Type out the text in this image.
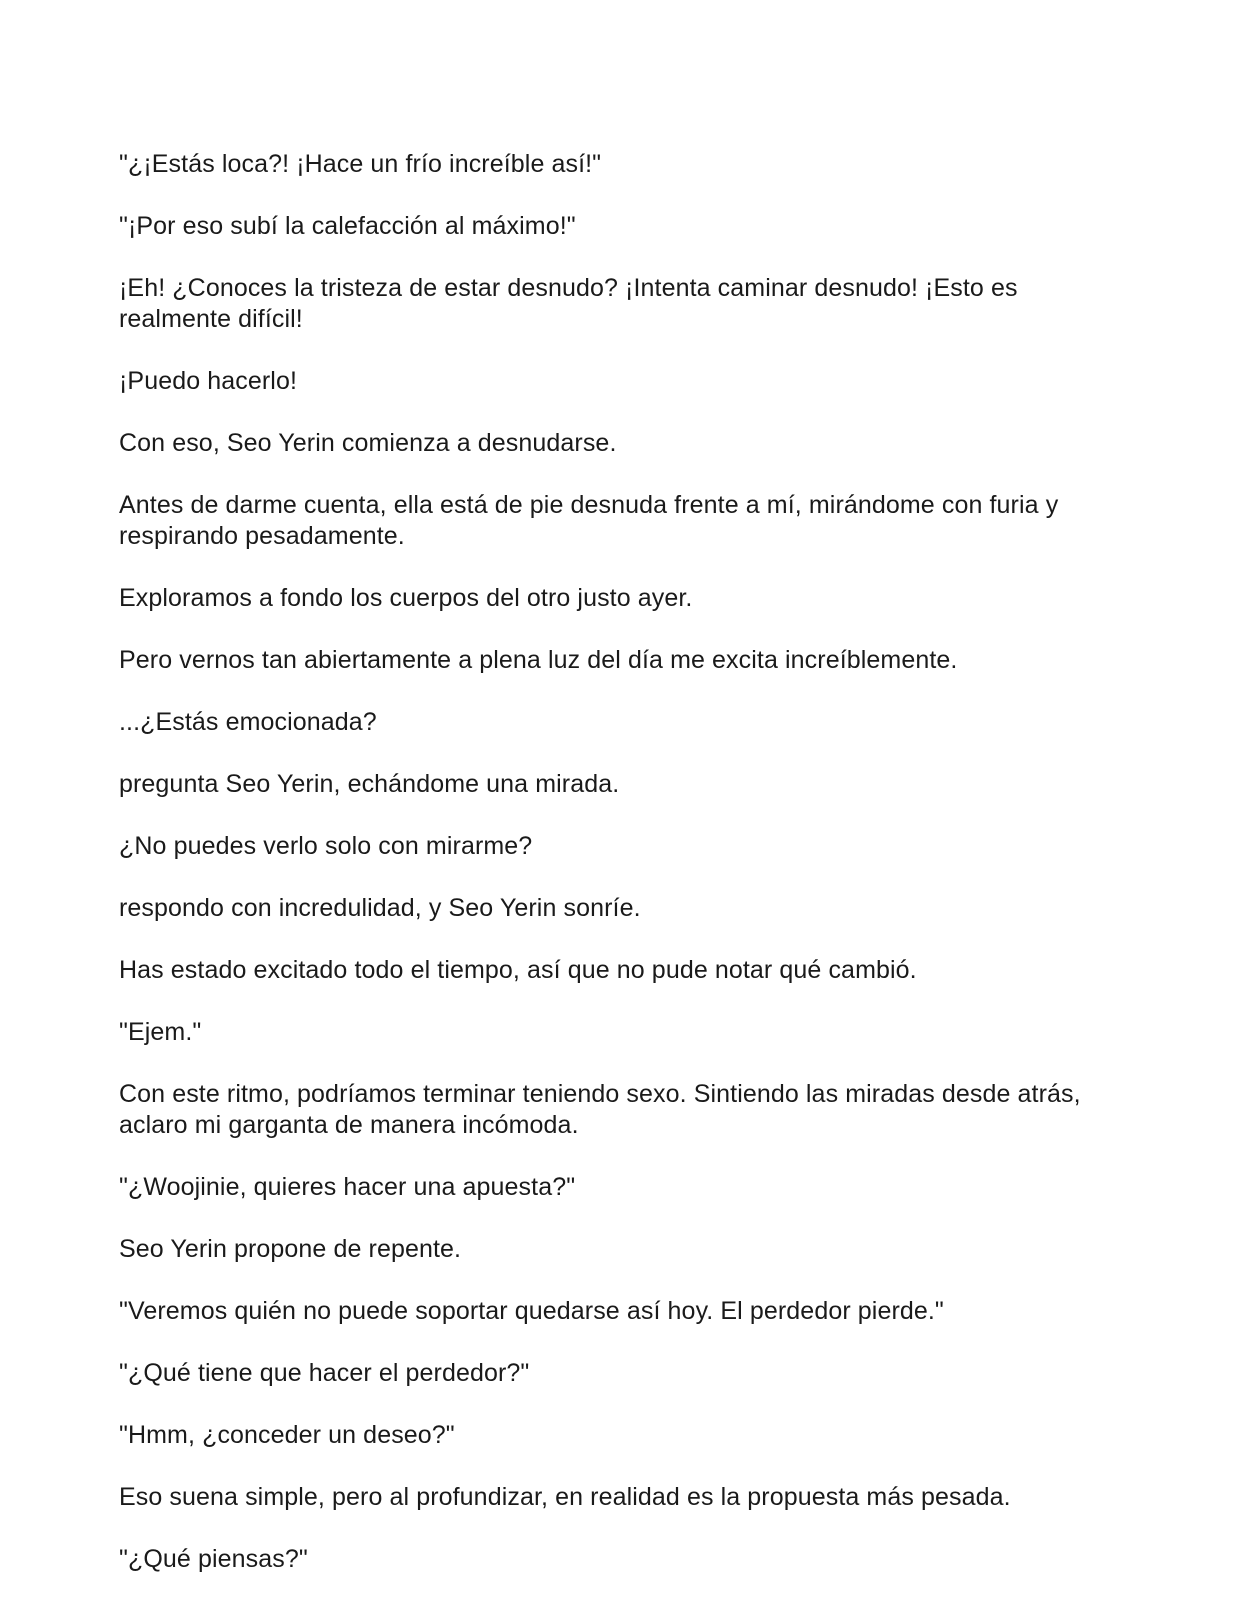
"¿¡Estás loca?! ¡Hace un frío increíble así!"

"¡Por eso subí la calefacción al máximo!"

¡Eh! ¿Conoces la tristeza de estar desnudo? ¡Intenta caminar desnudo! ¡Esto es realmente difícil!

¡Puedo hacerlo!

Con eso, Seo Yerin comienza a desnudarse.

Antes de darme cuenta, ella está de pie desnuda frente a mí, mirándome con furia y respirando pesadamente.

Exploramos a fondo los cuerpos del otro justo ayer.

Pero vernos tan abiertamente a plena luz del día me excita increíblemente.

...¿Estás emocionada?

pregunta Seo Yerin, echándome una mirada.

¿No puedes verlo solo con mirarme?

respondo con incredulidad, y Seo Yerin sonríe.

Has estado excitado todo el tiempo, así que no pude notar qué cambió.

"Ejem."

Con este ritmo, podríamos terminar teniendo sexo. Sintiendo las miradas desde atrás, aclaro mi garganta de manera incómoda.

"¿Woojinie, quieres hacer una apuesta?"

Seo Yerin propone de repente.

"Veremos quién no puede soportar quedarse así hoy. El perdedor pierde."

"¿Qué tiene que hacer el perdedor?"

"Hmm, ¿conceder un deseo?"

Eso suena simple, pero al profundizar, en realidad es la propuesta más pesada.

"¿Qué piensas?"
